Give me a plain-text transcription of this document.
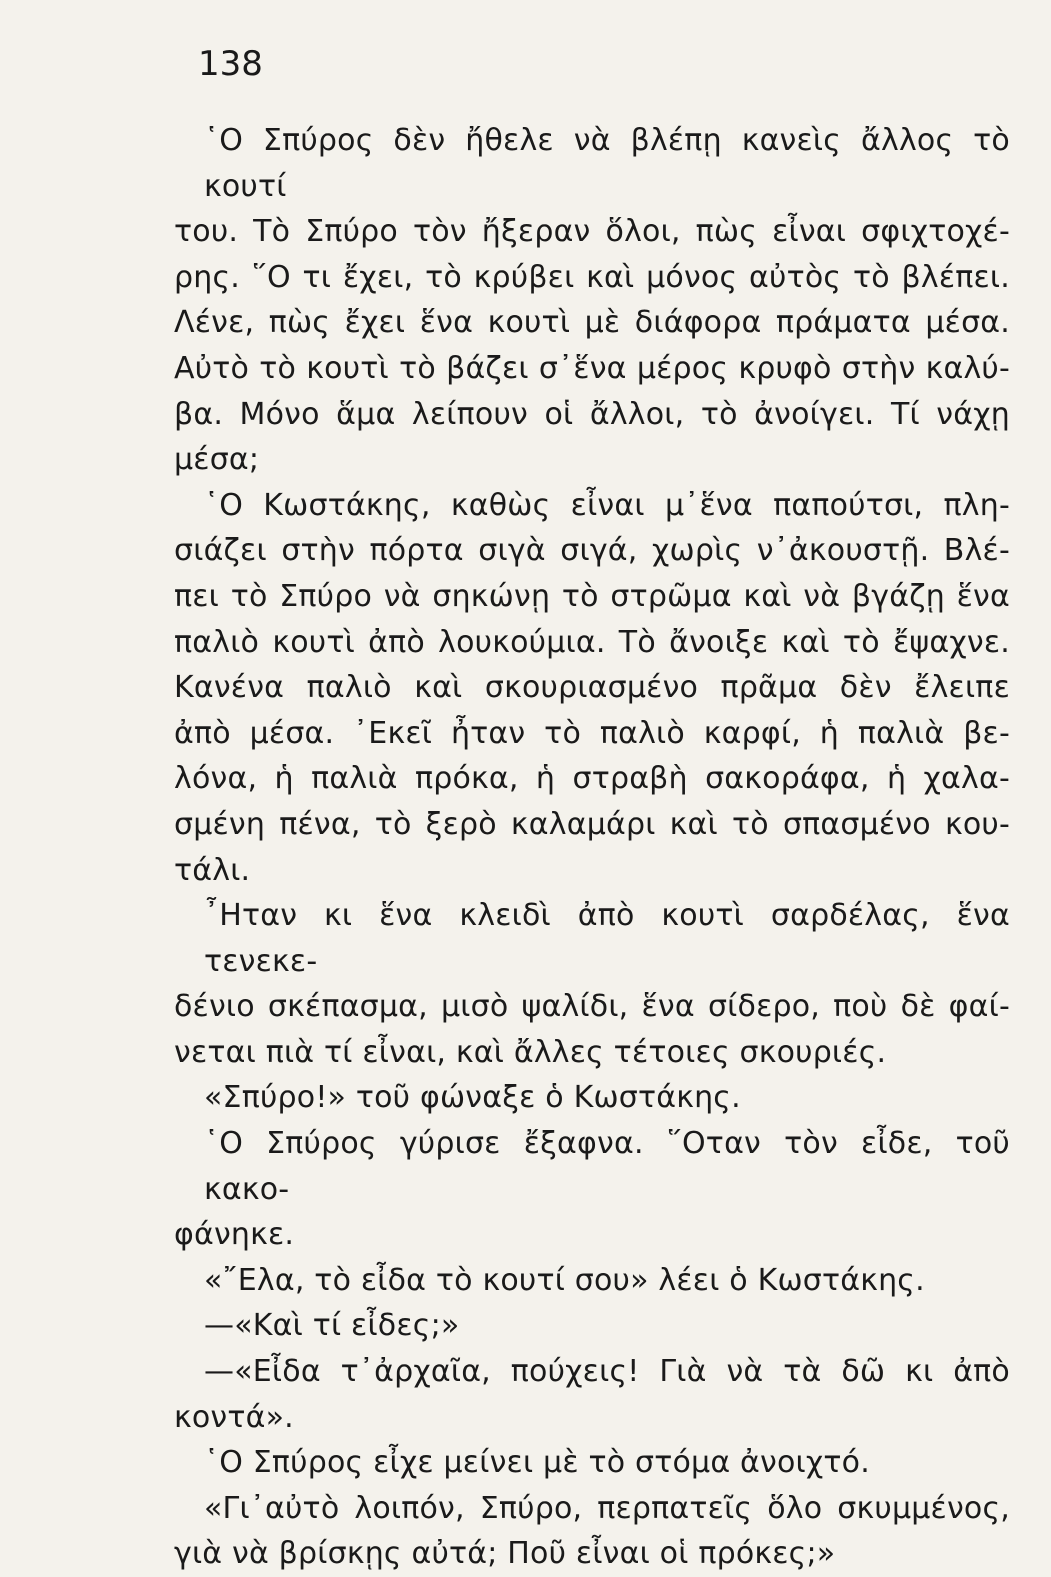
138
῾Ο Σπύρος δὲν ἤθελε νὰ βλέπῃ κανεὶς ἄλλος τὸ κουτί
του. Τὸ Σπύρο τὸν ἤξεραν ὅλοι, πὼς εἶναι σφιχτοχέ-
ρης. ῞Ο τι ἔχει, τὸ κρύβει καὶ μόνος αὐτὸς τὸ βλέπει.
Λένε, πὼς ἔχει ἕνα κουτὶ μὲ διάφορα πράματα μέσα.
Αὐτὸ τὸ κουτὶ τὸ βάζει σ᾽ἕνα μέρος κρυφὸ στὴν καλύ-
βα. Μόνο ἅμα λείπουν οἱ ἄλλοι, τὸ ἀνοίγει. Τί νάχῃ
μέσα;
῾Ο Κωστάκης, καθὼς εἶναι μ᾽ἕνα παπούτσι, πλη-
σιάζει στὴν πόρτα σιγὰ σιγά, χωρὶς ν᾽ἀκουστῇ. Βλέ-
πει τὸ Σπύρο νὰ σηκώνῃ τὸ στρῶμα καὶ νὰ βγάζῃ ἕνα
παλιὸ κουτὶ ἀπὸ λουκούμια. Τὸ ἄνοιξε καὶ τὸ ἔψαχνε.
Κανένα παλιὸ καὶ σκουριασμένο πρᾶμα δὲν ἔλειπε
ἀπὸ μέσα. ᾽Εκεῖ ἦταν τὸ παλιὸ καρφί, ἡ παλιὰ βε-
λόνα, ἡ παλιὰ πρόκα, ἡ στραβὴ σακοράφα, ἡ χαλα-
σμένη πένα, τὸ ξερὸ καλαμάρι καὶ τὸ σπασμένο κου-
τάλι.
῏Ηταν κι ἕνα κλειδὶ ἀπὸ κουτὶ σαρδέλας, ἕνα τενεκε-
δένιο σκέπασμα, μισὸ ψαλίδι, ἕνα σίδερο, ποὺ δὲ φαί-
νεται πιὰ τί εἶναι, καὶ ἄλλες τέτοιες σκουριές.
«Σπύρο!» τοῦ φώναξε ὁ Κωστάκης.
῾Ο Σπύρος γύρισε ἔξαφνα. ῞Οταν τὸν εἶδε, τοῦ κακο-
φάνηκε.
«῎Ελα, τὸ εἶδα τὸ κουτί σου» λέει ὁ Κωστάκης.
—«Καὶ τί εἶδες;»
—«Εἶδα τ᾽ἀρχαῖα, πούχεις! Γιὰ νὰ τὰ δῶ κι ἀπὸ
κοντά».
῾Ο Σπύρος εἶχε μείνει μὲ τὸ στόμα ἀνοιχτό.
«Γι᾽αὐτὸ λοιπόν, Σπύρο, περπατεῖς ὅλο σκυμμένος,
γιὰ νὰ βρίσκῃς αὐτά; Ποῦ εἶναι οἱ πρόκες;»
